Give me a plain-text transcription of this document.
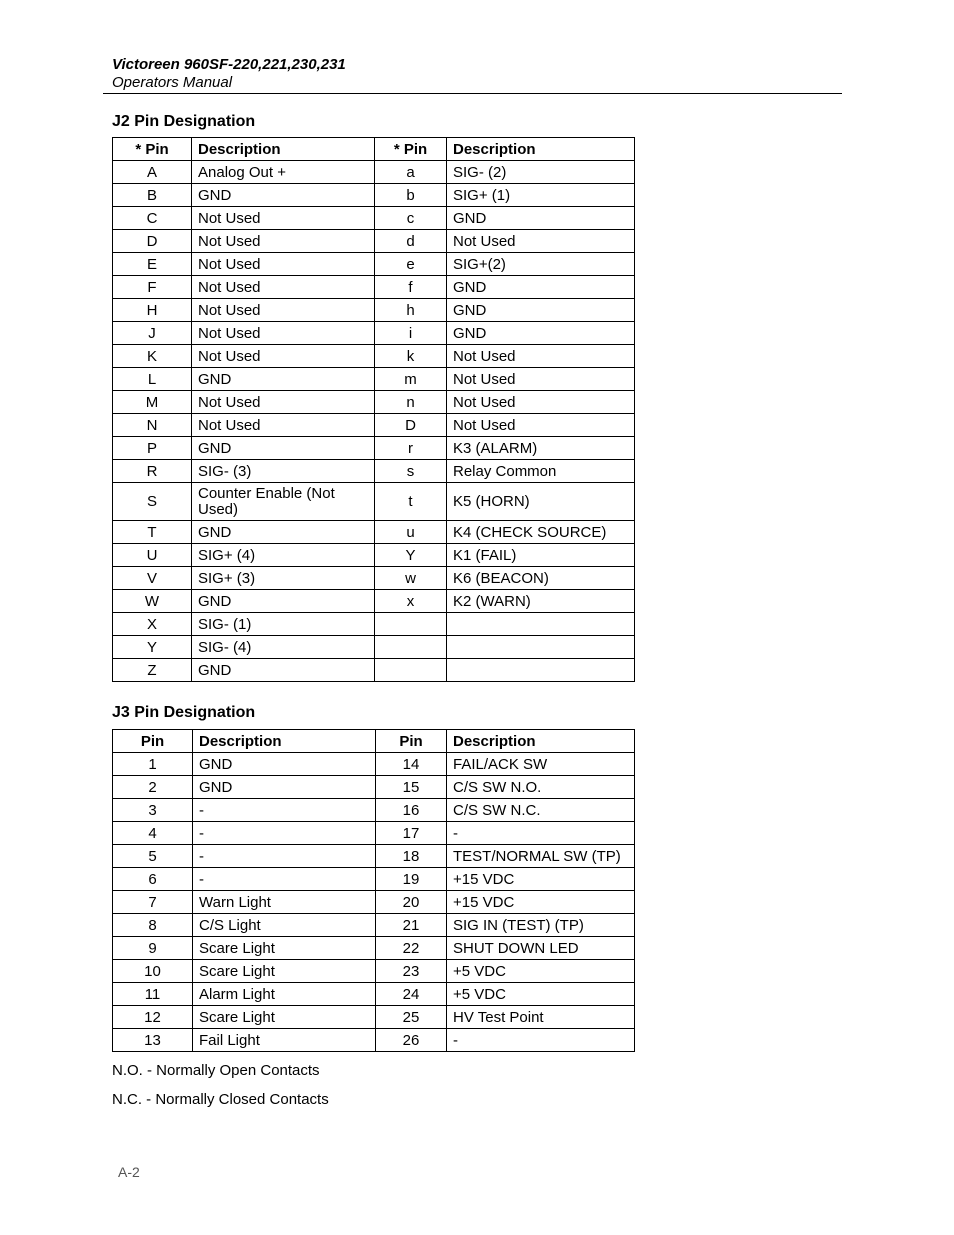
Victoreen 960SF-220,221,230,231
Operators Manual
J2 Pin Designation
* Pin	Description	* Pin	Description
A	Analog Out +	a	SIG- (2)
B	GND	b	SIG+ (1)
C	Not Used	c	GND
D	Not Used	d	Not Used
E	Not Used	e	SIG+(2)
F	Not Used	f	GND
H	Not Used	h	GND
J	Not Used	i	GND
K	Not Used	k	Not Used
L	GND	m	Not Used
M	Not Used	n	Not Used
N	Not Used	D	Not Used
P	GND	r	K3 (ALARM)
R	SIG- (3)	s	Relay Common
S	Counter Enable (Not Used)	t	K5 (HORN)
T	GND	u	K4 (CHECK SOURCE)
U	SIG+ (4)	Y	K1 (FAIL)
V	SIG+ (3)	w	K6 (BEACON)
W	GND	x	K2 (WARN)
X	SIG- (1)		
Y	SIG- (4)		
Z	GND		
J3 Pin Designation
Pin	Description	Pin	Description
1	GND	14	FAIL/ACK SW
2	GND	15	C/S SW N.O.
3	-	16	C/S SW N.C.
4	-	17	-
5	-	18	TEST/NORMAL SW (TP)
6	-	19	+15 VDC
7	Warn Light	20	+15 VDC
8	C/S Light	21	SIG IN (TEST) (TP)
9	Scare Light	22	SHUT DOWN LED
10	Scare Light	23	+5 VDC
11	Alarm Light	24	+5 VDC
12	Scare Light	25	HV Test Point
13	Fail Light	26	-
N.O. - Normally Open Contacts
N.C. - Normally Closed Contacts
A-2
